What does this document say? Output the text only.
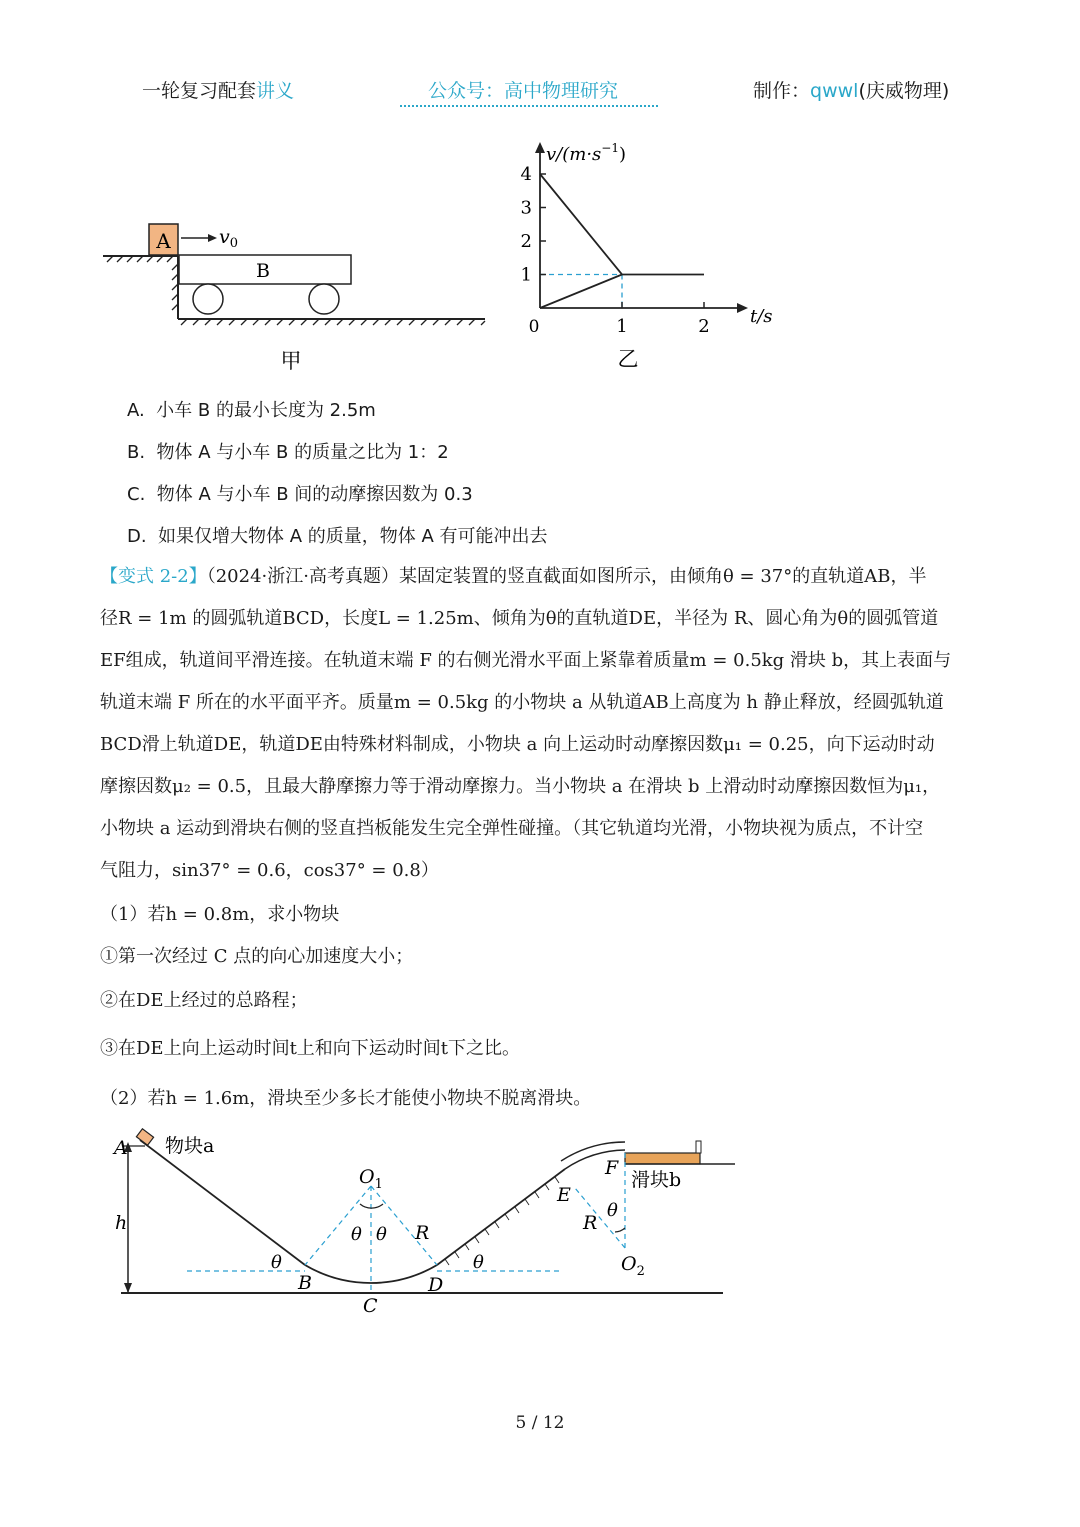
一轮复习配套讲义	公众号：高中物理研究	制作：qwwl(庆威物理)
A	$v_0$
B
甲
$v/(m\cdot s^{-1})$
t/s
0
1
2
3
4
1	2
乙
A. 小车 B 的最小长度为 2.5m
B. 物体 A 与小车 B 的质量之比为 1：2
C. 物体 A 与小车 B 间的动摩擦因数为 0.3
D. 如果仅增大物体 A 的质量，物体 A 有可能冲出去
【变式 2-2】（2024·浙江·高考真题）某固定装置的竖直截面如图所示，由倾角θ = 37°的直轨道AB，半
径R = 1m 的圆弧轨道BCD，长度L = 1.25m、倾角为θ的直轨道DE，半径为 R、圆心角为θ的圆弧管道
EF组成，轨道间平滑连接。在轨道末端 F 的右侧光滑水平面上紧靠着质量m = 0.5kg 滑块 b，其上表面与
轨道末端 F 所在的水平面平齐。质量m = 0.5kg 的小物块 a 从轨道AB上高度为 h 静止释放，经圆弧轨道
BCD滑上轨道DE，轨道DE由特殊材料制成，小物块 a 向上运动时动摩擦因数μ₁ = 0.25，向下运动时动
摩擦因数μ₂ = 0.5，且最大静摩擦力等于滑动摩擦力。当小物块 a 在滑块 b 上滑动时动摩擦因数恒为μ₁，
小物块 a 运动到滑块右侧的竖直挡板能发生完全弹性碰撞。（其它轨道均光滑，小物块视为质点，不计空
气阻力，sin37° = 0.6，cos37° = 0.8）
（1）若h = 0.8m，求小物块
①第一次经过 C 点的向心加速度大小；
②在DE上经过的总路程；
③在DE上向上运动时间t上和向下运动时间t下之比。
（2）若h = 1.6m，滑块至少多长才能使小物块不脱离滑块。
A
h
物块a
F
滑块b
$O_1$
θ θ R
θ	θ
B
C
D
E
R
θ
$O_2$
5 / 12
